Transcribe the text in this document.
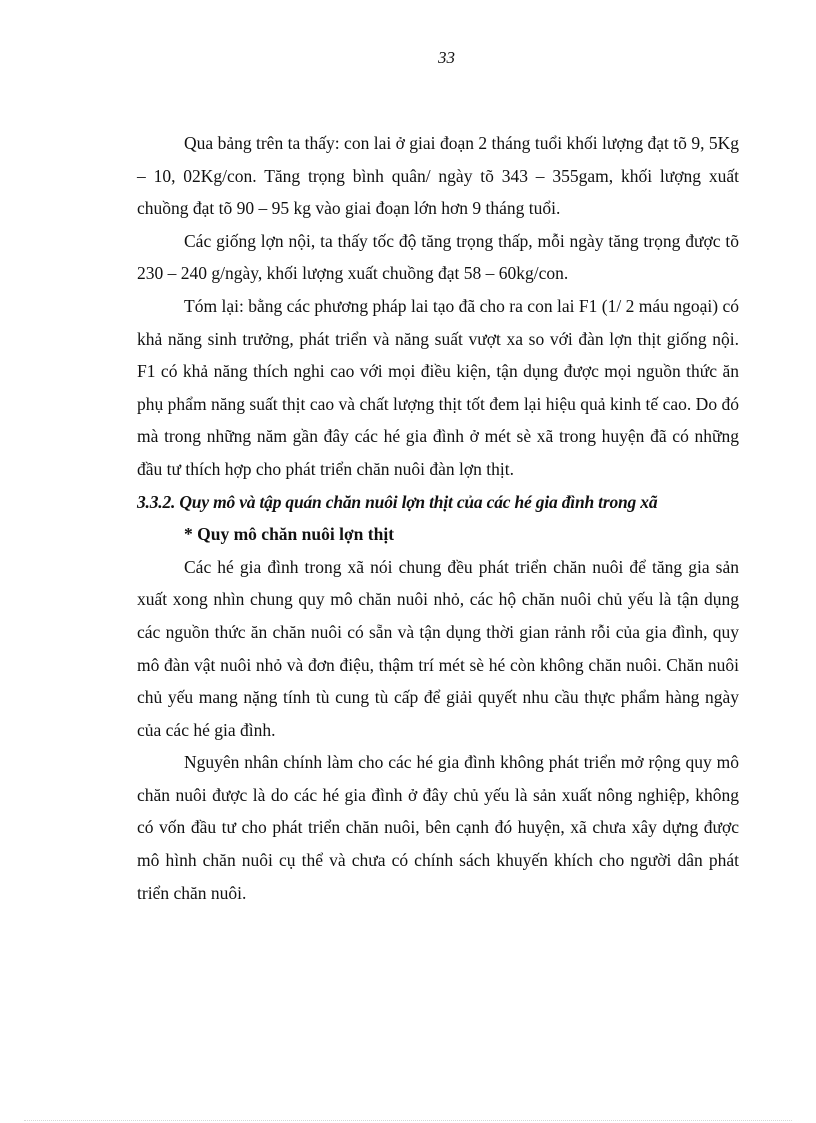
33

Qua bảng trên ta thấy: con lai ở giai đoạn 2 tháng tuổi khối lượng đạt tõ 9, 5Kg – 10, 02Kg/con. Tăng trọng bình quân/ ngày tõ 343 – 355gam, khối lượng xuất chuồng đạt tõ 90 – 95 kg vào giai đoạn lớn hơn 9 tháng tuổi.

Các giống lợn nội, ta thấy tốc độ tăng trọng thấp, mỗi ngày tăng trọng được tõ 230 – 240 g/ngày, khối lượng xuất chuồng đạt 58 – 60kg/con.

Tóm lại: bằng các phương pháp lai tạo đã cho ra con lai F1 (1/ 2 máu ngoại) có khả năng sinh trưởng, phát triển và năng suất vượt xa so với đàn lợn thịt giống nội. F1 có khả năng thích nghi cao với mọi điều kiện, tận dụng được mọi nguồn thức ăn phụ phẩm năng suất thịt cao và chất lượng thịt tốt đem lại hiệu quả kinh tế cao. Do đó mà trong những năm gần đây các hé gia đình ở mét sè xã trong huyện đã có những đầu tư thích hợp cho phát triển chăn nuôi đàn lợn thịt.

3.3.2. Quy mô và tập quán chăn nuôi lợn thịt của các hé gia đình trong xã

* Quy mô chăn nuôi lợn thịt

Các hé gia đình trong xã nói chung đều phát triển chăn nuôi để tăng gia sản xuất xong nhìn chung quy mô chăn nuôi nhỏ, các hộ chăn nuôi chủ yếu là tận dụng các nguồn thức ăn chăn nuôi có sẵn và tận dụng thời gian rảnh rỗi của gia đình, quy mô đàn vật nuôi nhỏ và đơn điệu, thậm trí mét sè hé còn không chăn nuôi. Chăn nuôi chủ yếu mang nặng tính tù cung tù cấp để giải quyết nhu cầu thực phẩm hàng ngày của các hé gia đình.

Nguyên nhân chính làm cho các hé gia đình không phát triển mở rộng quy mô chăn nuôi được là do các hé gia đình ở đây chủ yếu là sản xuất nông nghiệp, không có vốn đầu tư cho phát triển chăn nuôi, bên cạnh đó huyện, xã chưa xây dựng được mô hình chăn nuôi cụ thể và chưa có chính sách khuyến khích cho người dân phát triển chăn nuôi.
